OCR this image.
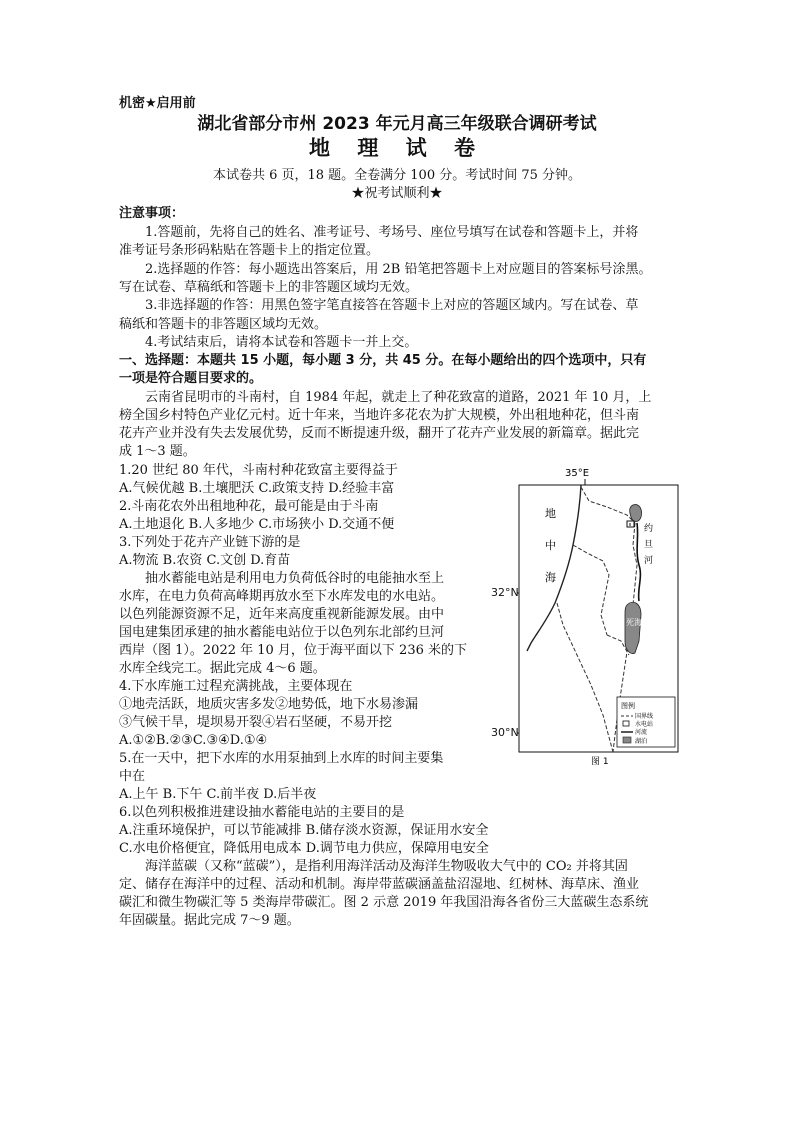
机密★启用前
湖北省部分市州 2023 年元月高三年级联合调研考试
地 理 试 卷
本试卷共 6 页，18 题。全卷满分 100 分。考试时间 75 分钟。
★祝考试顺利★
注意事项：
1.答题前，先将自己的姓名、准考证号、考场号、座位号填写在试卷和答题卡上，并将
准考证号条形码粘贴在答题卡上的指定位置。
2.选择题的作答：每小题选出答案后，用 2B 铅笔把答题卡上对应题目的答案标号涂黑。
写在试卷、草稿纸和答题卡上的非答题区域均无效。
3.非选择题的作答：用黑色签字笔直接答在答题卡上对应的答题区域内。写在试卷、草
稿纸和答题卡的非答题区域均无效。
4.考试结束后，请将本试卷和答题卡一并上交。
一、选择题：本题共 15 小题，每小题 3 分，共 45 分。在每小题给出的四个选项中，只有
一项是符合题目要求的。
云南省昆明市的斗南村，自 1984 年起，就走上了种花致富的道路，2021 年 10 月，上
榜全国乡村特色产业亿元村。近十年来，当地许多花农为扩大规模，外出租地种花，但斗南
花卉产业并没有失去发展优势，反而不断提速升级，翻开了花卉产业发展的新篇章。据此完
成 1～3 题。
1.20 世纪 80 年代，斗南村种花致富主要得益于
A.气候优越 B.土壤肥沃 C.政策支持 D.经验丰富
2.斗南花农外出租地种花，最可能是由于斗南
A.土地退化 B.人多地少 C.市场狭小 D.交通不便
3.下列处于花卉产业链下游的是
A.物流 B.农资 C.文创 D.育苗
抽水蓄能电站是利用电力负荷低谷时的电能抽水至上
水库，在电力负荷高峰期再放水至下水库发电的水电站。
以色列能源资源不足，近年来高度重视新能源发展。由中
国电建集团承建的抽水蓄能电站位于以色列东北部约旦河
西岸（图 1）。2022 年 10 月，位于海平面以下 236 米的下
水库全线完工。据此完成 4～6 题。
4.下水库施工过程充满挑战，主要体现在
①地壳活跃，地质灾害多发②地势低，地下水易渗漏
③气候干旱，堤坝易开裂④岩石坚硬，不易开挖
A.①②B.②③C.③④D.①④
5.在一天中，把下水库的水用泵抽到上水库的时间主要集
中在
A.上午 B.下午 C.前半夜 D.后半夜
6.以色列积极推进建设抽水蓄能电站的主要目的是
A.注重环境保护，可以节能减排 B.储存淡水资源，保证用水安全
C.水电价格便宜，降低用电成本 D.调节电力供应，保障用电安全
海洋蓝碳（又称“蓝碳”），是指利用海洋活动及海洋生物吸收大气中的 CO₂ 并将其固
定、储存在海洋中的过程、活动和机制。海岸带蓝碳涵盖盐沼湿地、红树林、海草床、渔业
碳汇和微生物碳汇等 5 类海岸带碳汇。图 2 示意 2019 年我国沿海各省份三大蓝碳生态系统
年固碳量。据此完成 7～9 题。
35°E
地
中
海
约
旦
河
死海
图例
国界线
水电站
河流
湖泊
图 1
32°N
30°N
